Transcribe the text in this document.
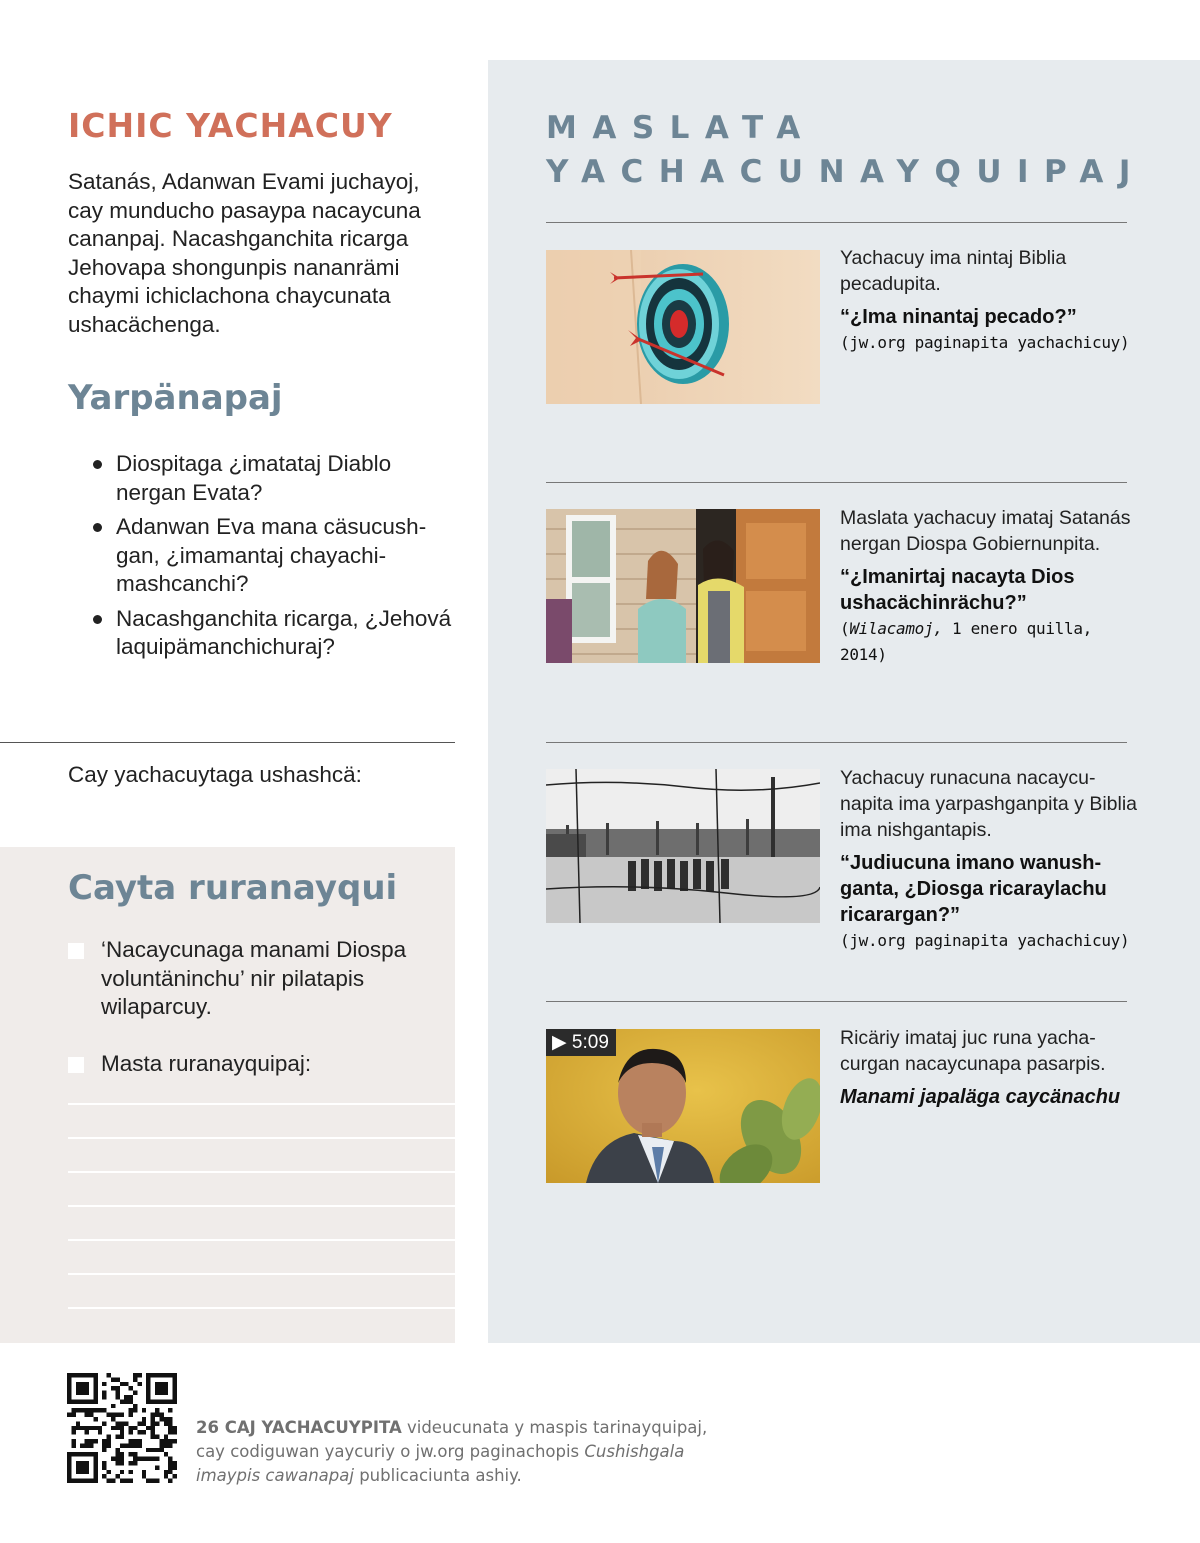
ICHIC YACHACUY

Satanás, Adanwan Evami juchayoj, cay munducho pasaypa nacaycuna cananpaj. Nacashganchita ricarga Jehovapa shongunpis nananrämi chaymi ichiclachona chaycunata ushacächenga.

Yarpänapaj
Diospitaga ¿imatataj Diablo nergan Evata?
Adanwan Eva mana cäsucushgan, ¿imamantaj chayachimashcanchi?
Nacashganchita ricarga, ¿Jehová laquipämanchichuraj?

Cay yachacuytaga ushashcä:

Cayta ruranayqui
‘Nacaycunaga manami Diospa voluntäninchu’ nir pilatapis wilaparcuy.
Masta ruranayquipaj:
MASLATA
YACHACUNAYQUIPAJ
Yachacuy ima nintaj Biblia pecadupita.
“¿Ima ninantaj pecado?”
(jw.org paginapita yachachicuy)
Maslata yachacuy imataj Satanás nergan Diospa Gobiernunpita.
“¿Imanirtaj nacayta Dios ushacächinrächu?”
(Wilacamoj, 1 enero quilla, 2014)
Yachacuy runacuna nacaycunapita ima yarpashganpita y Biblia ima nishgantapis.
“Judiucuna imano wanushganta, ¿Diosga ricaraylachu ricarargan?”
(jw.org paginapita yachachicuy)
▶ 5:09	Ricäriy imataj juc runa yachacurgan nacaycunapa pasarpis.
Manami japaläga caycänachu

26 CAJ YACHACUYPITA videucunata y maspis tarinayquipaj, cay codiguwan yaycuriy o jw.org paginachopis Cushishgala imaypis cawanapaj publicaciunta ashiy.
